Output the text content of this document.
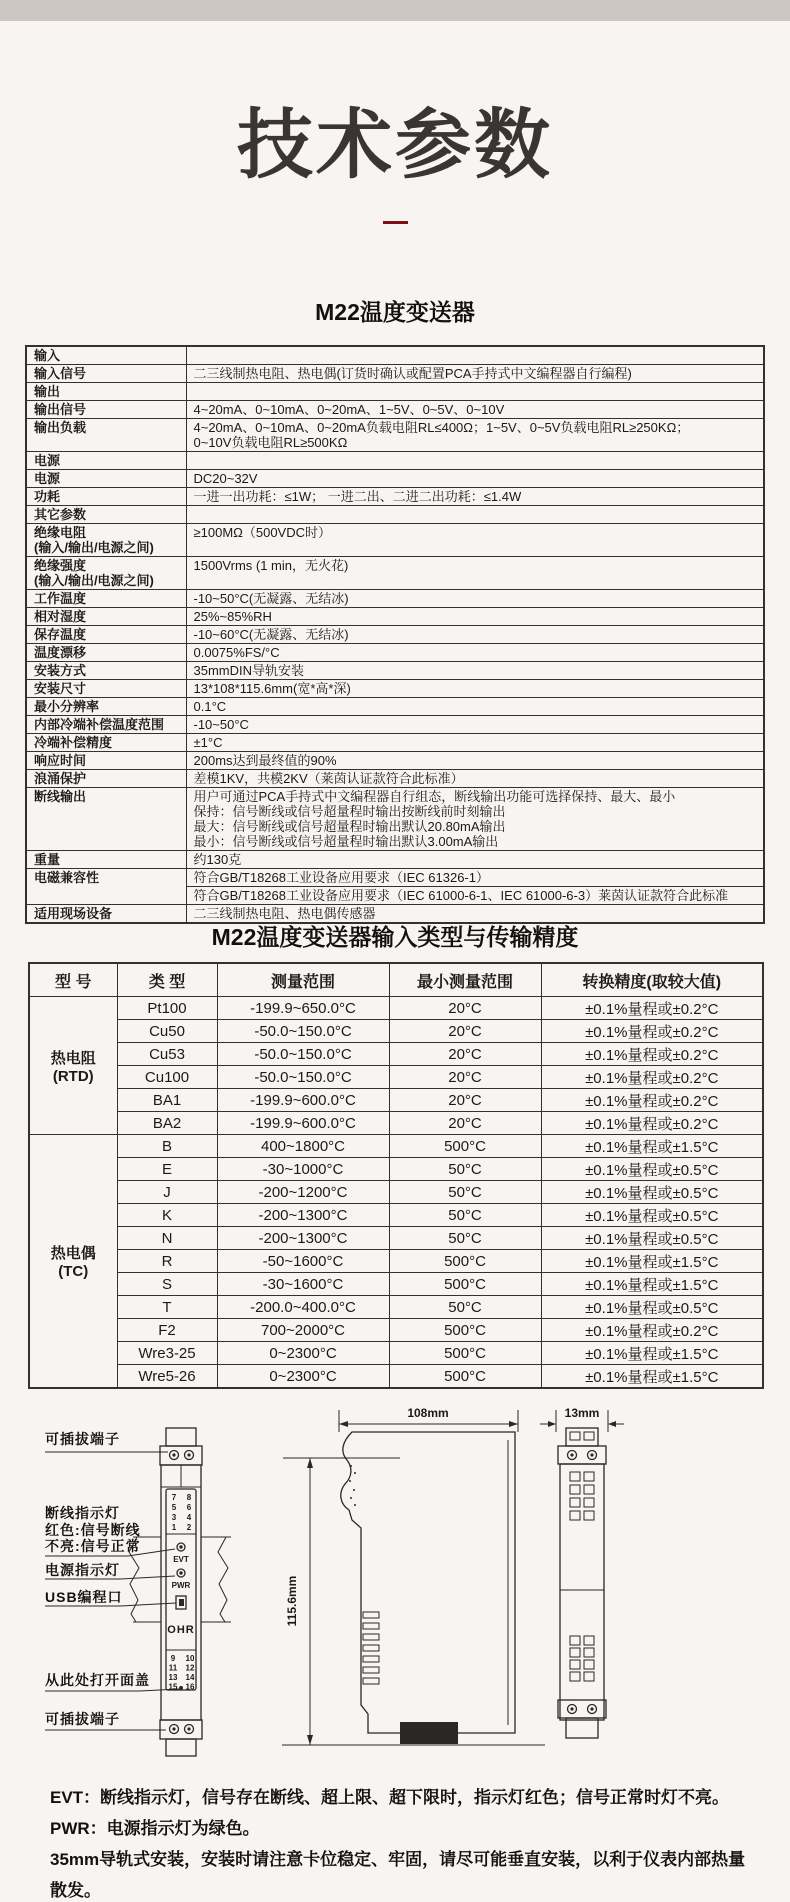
技术参数
M22温度变送器
输入	

输入信号	二三线制热电阻、热电偶(订货时确认或配置PCA手持式中文编程器自行编程)

输出	

输出信号	4~20mA、0~10mA、0~20mA、1~5V、0~5V、0~10V

输出负载	4~20mA、0~10mA、0~20mA负载电阻RL≤400Ω；1~5V、0~5V负载电阻RL≥250KΩ；
0~10V负载电阻RL≥500KΩ

电源	

电源	DC20~32V

功耗	一进一出功耗：≤1W； 一进二出、二进二出功耗：≤1.4W

其它参数	

绝缘电阻
(输入/输出/电源之间)	≥100MΩ（500VDC时）

绝缘强度
(输入/输出/电源之间)	1500Vrms (1 min，无火花)

工作温度	-10~50°C(无凝露、无结冰)

相对湿度	25%~85%RH

保存温度	-10~60°C(无凝露、无结冰)

温度漂移	0.0075%FS/°C

安装方式	35mmDIN导轨安装

安装尺寸	13*108*115.6mm(宽*高*深)

最小分辨率	0.1°C

内部冷端补偿温度范围	-10~50°C

冷端补偿精度	±1°C

响应时间	200ms达到最终值的90%

浪涌保护	差模1KV，共模2KV（莱茵认证款符合此标准）

断线输出	用户可通过PCA手持式中文编程器自行组态，断线输出功能可选择保持、最大、最小
保持：信号断线或信号超量程时输出按断线前时刻输出
最大：信号断线或信号超量程时输出默认20.80mA输出
最小：信号断线或信号超量程时输出默认3.00mA输出

重量	约130克

电磁兼容性	符合GB/T18268工业设备应用要求（IEC 61326-1）
	符合GB/T18268工业设备应用要求（IEC 61000-6-1、IEC 61000-6-3）莱茵认证款符合此标准

适用现场设备	二三线制热电阻、热电偶传感器
M22温度变送器输入类型与传输精度
型 号	类 型	测量范围	最小测量范围	转换精度(取较大值)

热电阻
(RTD)	Pt100	-199.9~650.0°C	20°C	±0.1%量程或±0.2°C
	Cu50	-50.0~150.0°C	20°C	±0.1%量程或±0.2°C
	Cu53	-50.0~150.0°C	20°C	±0.1%量程或±0.2°C
	Cu100	-50.0~150.0°C	20°C	±0.1%量程或±0.2°C
	BA1	-199.9~600.0°C	20°C	±0.1%量程或±0.2°C
	BA2	-199.9~600.0°C	20°C	±0.1%量程或±0.2°C

热电偶
(TC)	B	400~1800°C	500°C	±0.1%量程或±1.5°C
	E	-30~1000°C	50°C	±0.1%量程或±0.5°C
	J	-200~1200°C	50°C	±0.1%量程或±0.5°C
	K	-200~1300°C	50°C	±0.1%量程或±0.5°C
	N	-200~1300°C	50°C	±0.1%量程或±0.5°C
	R	-50~1600°C	500°C	±0.1%量程或±1.5°C
	S	-30~1600°C	500°C	±0.1%量程或±1.5°C
	T	-200.0~400.0°C	50°C	±0.1%量程或±0.5°C
	F2	700~2000°C	500°C	±0.1%量程或±0.2°C
	Wre3-25	0~2300°C	500°C	±0.1%量程或±1.5°C
	Wre5-26	0~2300°C	500°C	±0.1%量程或±1.5°C
EVT
PWR
OHR
108mm
115.6mm
13mm
7 8
5 6
3 4
1 2
9 10
11 12
13 14
15 16
可插拔端子
断线指示灯
红色:信号断线
不亮:信号正常
电源指示灯
USB编程口
从此处打开面盖
可插拔端子
EVT：断线指示灯，信号存在断线、超上限、超下限时，指示灯红色；信号正常时灯不亮。
PWR：电源指示灯为绿色。
35mm导轨式安装，安装时请注意卡位稳定、牢固，请尽可能垂直安装，以利于仪表内部热量散发。
